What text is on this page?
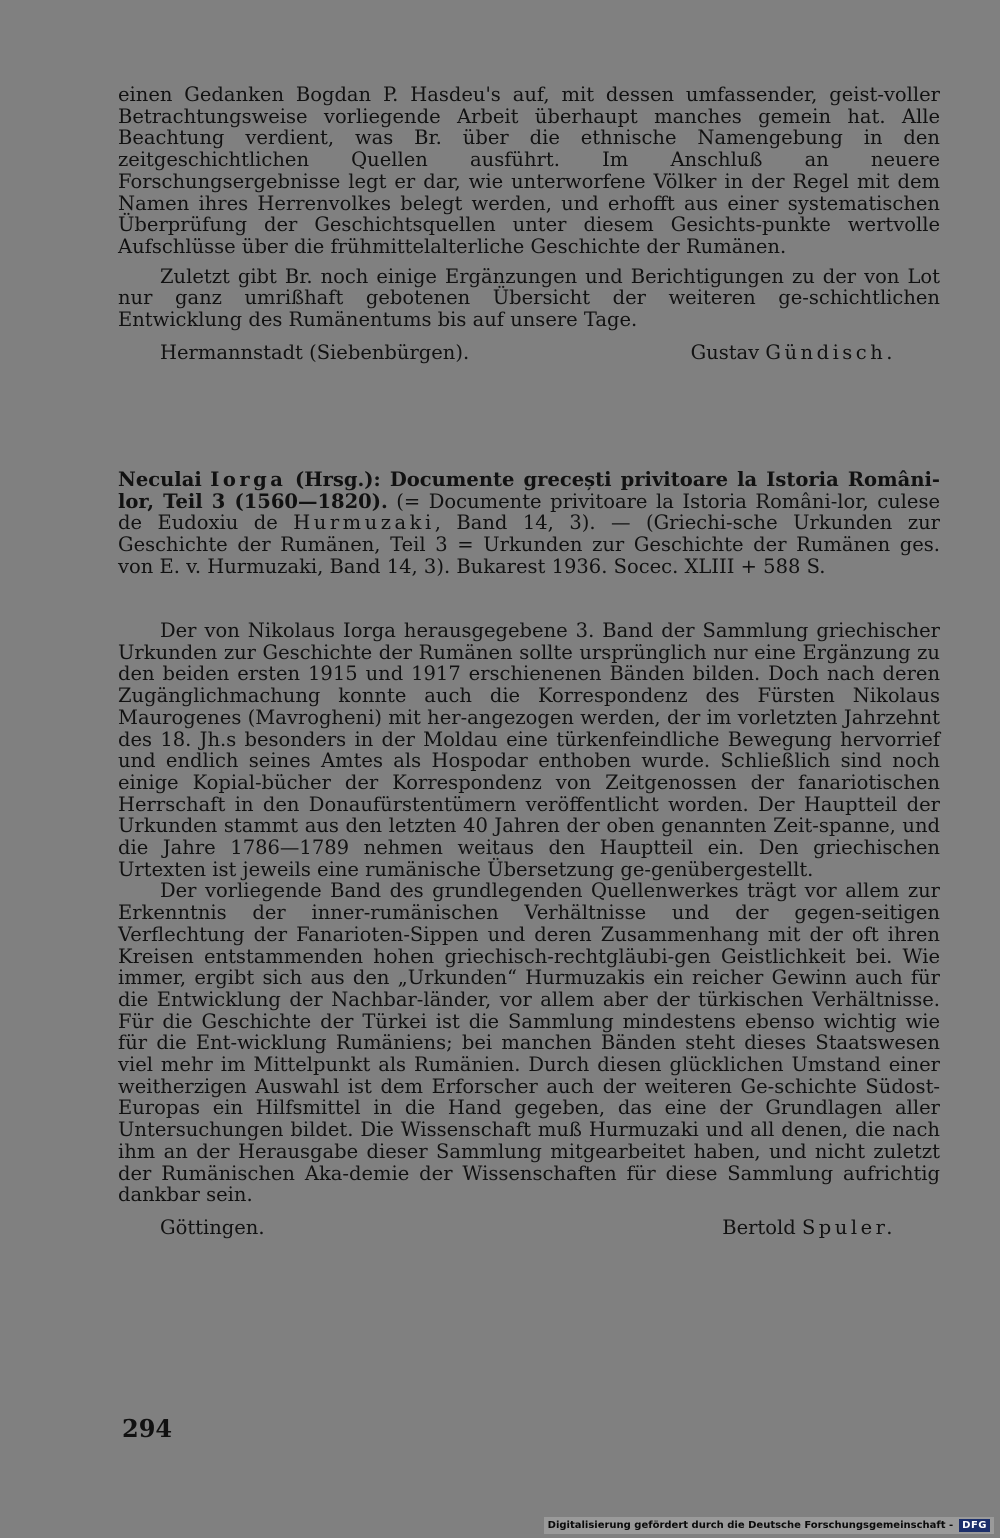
einen Gedanken Bogdan P. Hasdeu's auf, mit dessen umfassender, geist-voller Betrachtungsweise vorliegende Arbeit überhaupt manches gemein hat. Alle Beachtung verdient, was Br. über die ethnische Namengebung in den zeitgeschichtlichen Quellen ausführt. Im Anschluß an neuere Forschungsergebnisse legt er dar, wie unterworfene Völker in der Regel mit dem Namen ihres Herrenvolkes belegt werden, und erhofft aus einer systematischen Überprüfung der Geschichtsquellen unter diesem Gesichts-punkte wertvolle Aufschlüsse über die frühmittelalterliche Geschichte der Rumänen.

Zuletzt gibt Br. noch einige Ergänzungen und Berichtigungen zu der von Lot nur ganz umrißhaft gebotenen Übersicht der weiteren ge-schichtlichen Entwicklung des Rumänentums bis auf unsere Tage.

Hermannstadt (Siebenbürgen).	Gustav Gündisch.

Neculai Iorga (Hrsg.): Documente grecești privitoare la Istoria Români-lor, Teil 3 (1560—1820). (= Documente privitoare la Istoria Români-lor, culese de Eudoxiu de Hurmuzaki, Band 14, 3). — (Griechi-sche Urkunden zur Geschichte der Rumänen, Teil 3 = Urkunden zur Geschichte der Rumänen ges. von E. v. Hurmuzaki, Band 14, 3). Bukarest 1936. Socec. XLIII + 588 S.

Der von Nikolaus Iorga herausgegebene 3. Band der Sammlung griechischer Urkunden zur Geschichte der Rumänen sollte ursprünglich nur eine Ergänzung zu den beiden ersten 1915 und 1917 erschienenen Bänden bilden. Doch nach deren Zugänglichmachung konnte auch die Korrespondenz des Fürsten Nikolaus Maurogenes (Mavrogheni) mit her-angezogen werden, der im vorletzten Jahrzehnt des 18. Jh.s besonders in der Moldau eine türkenfeindliche Bewegung hervorrief und endlich seines Amtes als Hospodar enthoben wurde. Schließlich sind noch einige Kopial-bücher der Korrespondenz von Zeitgenossen der fanariotischen Herrschaft in den Donaufürstentümern veröffentlicht worden. Der Hauptteil der Urkunden stammt aus den letzten 40 Jahren der oben genannten Zeit-spanne, und die Jahre 1786—1789 nehmen weitaus den Hauptteil ein. Den griechischen Urtexten ist jeweils eine rumänische Übersetzung ge-genübergestellt.

Der vorliegende Band des grundlegenden Quellenwerkes trägt vor allem zur Erkenntnis der inner-rumänischen Verhältnisse und der gegen-seitigen Verflechtung der Fanarioten-Sippen und deren Zusammenhang mit der oft ihren Kreisen entstammenden hohen griechisch-rechtgläubi-gen Geistlichkeit bei. Wie immer, ergibt sich aus den „Urkunden“ Hurmuzakis ein reicher Gewinn auch für die Entwicklung der Nachbar-länder, vor allem aber der türkischen Verhältnisse. Für die Geschichte der Türkei ist die Sammlung mindestens ebenso wichtig wie für die Ent-wicklung Rumäniens; bei manchen Bänden steht dieses Staatswesen viel mehr im Mittelpunkt als Rumänien. Durch diesen glücklichen Umstand einer weitherzigen Auswahl ist dem Erforscher auch der weiteren Ge-schichte Südost-Europas ein Hilfsmittel in die Hand gegeben, das eine der Grundlagen aller Untersuchungen bildet. Die Wissenschaft muß Hurmuzaki und all denen, die nach ihm an der Herausgabe dieser Sammlung mitgearbeitet haben, und nicht zuletzt der Rumänischen Aka-demie der Wissenschaften für diese Sammlung aufrichtig dankbar sein.

Göttingen.	Bertold Spuler.
294
Digitalisierung gefördert durch die Deutsche Forschungsgemeinschaft - DFG
